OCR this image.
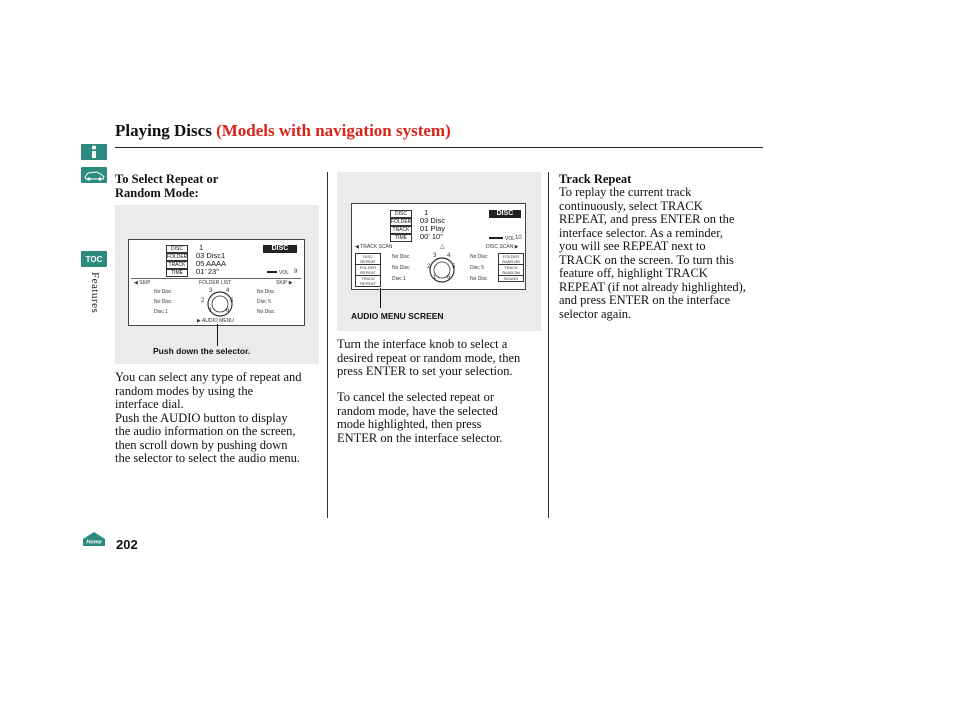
Playing Discs (Models with navigation system)
TOC
Features
To Select Repeat or
Random Mode:
DISC	1
FOLDER 03 Disc1
TRACK	05 AAAA
TIME	01' 23"
DISC
VOL 9
◀ SKIP	FOLDER LIST	SKIP ▶
No Disc	No Disc
No Disc	Disc 5
Disc 1	No Disc
3 4
2	5
1 6
▶ AUDIO MENU
Push down the selector.
You can select any type of repeat and
random modes by using the
interface dial.
Push the AUDIO button to display
the audio information on the screen,
then scroll down by pushing down
the selector to select the audio menu.
DISC	1
FOLDER 03 Disc
TRACK	01 Play
TIME	00' 10"
DISC
VOL 10
◀ TRACK SCAN	△	DISC SCAN ▶
DISC REPEAT
FOLDER REPEAT
TRACK REPEAT
FOLDER RANDOM
TRACK RANDOM
SOUND
No Disc	No Disc
No Disc	Disc 5
Disc 1	No Disc
3 4
2	5
1 6
AUDIO MENU SCREEN
Turn the interface knob to select a
desired repeat or random mode, then
press ENTER to set your selection.
To cancel the selected repeat or
random mode, have the selected
mode highlighted, then press
ENTER on the interface selector.
Track Repeat
To replay the current track
continuously, select TRACK
REPEAT, and press ENTER on the
interface selector. As a reminder,
you will see REPEAT next to
TRACK on the screen. To turn this
feature off, highlight TRACK
REPEAT (if not already highlighted),
and press ENTER on the interface
selector again.
Home 202
